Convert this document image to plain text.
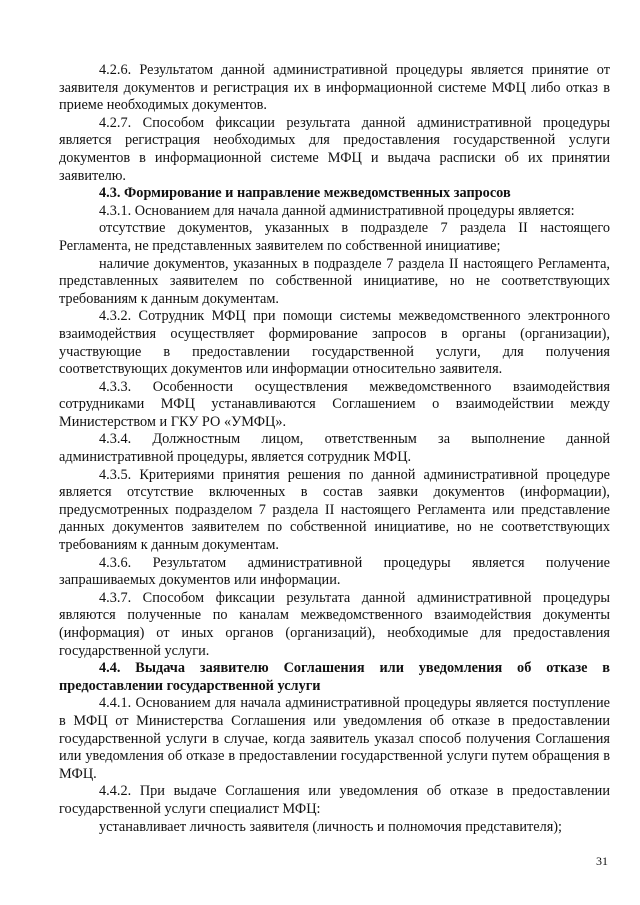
4.2.6. Результатом данной административной процедуры является принятие от заявителя документов и регистрация их в информационной системе МФЦ либо отказ в приеме необходимых документов.

4.2.7. Способом фиксации результата данной административной процедуры является регистрация необходимых для предоставления государственной услуги документов в информационной системе МФЦ и выдача расписки об их принятии заявителю.

4.3. Формирование и направление межведомственных запросов

4.3.1. Основанием для начала данной административной процедуры является:

отсутствие документов, указанных в подразделе 7 раздела II настоящего Регламента, не представленных заявителем по собственной инициативе;

наличие документов, указанных в подразделе 7 раздела II настоящего Регламента, представленных заявителем по собственной инициативе, но не соответствующих требованиям к данным документам.

4.3.2. Сотрудник МФЦ при помощи системы межведомственного электронного взаимодействия осуществляет формирование запросов в органы (организации), участвующие в предоставлении государственной услуги, для получения соответствующих документов или информации относительно заявителя.

4.3.3. Особенности осуществления межведомственного взаимодействия сотрудниками МФЦ устанавливаются Соглашением о взаимодействии между Министерством и ГКУ РО «УМФЦ».

4.3.4. Должностным лицом, ответственным за выполнение данной административной процедуры, является сотрудник МФЦ.

4.3.5. Критериями принятия решения по данной административной процедуре является отсутствие включенных в состав заявки документов (информации), предусмотренных подразделом 7 раздела II настоящего Регламента или представление данных документов заявителем по собственной инициативе, но не соответствующих требованиям к данным документам.

4.3.6. Результатом административной процедуры является получение запрашиваемых документов или информации.

4.3.7. Способом фиксации результата данной административной процедуры являются полученные по каналам межведомственного взаимодействия документы (информация) от иных органов (организаций), необходимые для предоставления государственной услуги.

4.4. Выдача заявителю Соглашения или уведомления об отказе в предоставлении государственной услуги

4.4.1. Основанием для начала административной процедуры является поступление в МФЦ от Министерства Соглашения или уведомления об отказе в предоставлении государственной услуги в случае, когда заявитель указал способ получения Соглашения или уведомления об отказе в предоставлении государственной услуги путем обращения в МФЦ.

4.4.2. При выдаче Соглашения или уведомления об отказе в предоставлении государственной услуги специалист МФЦ:

устанавливает личность заявителя (личность и полномочия представителя);

31
